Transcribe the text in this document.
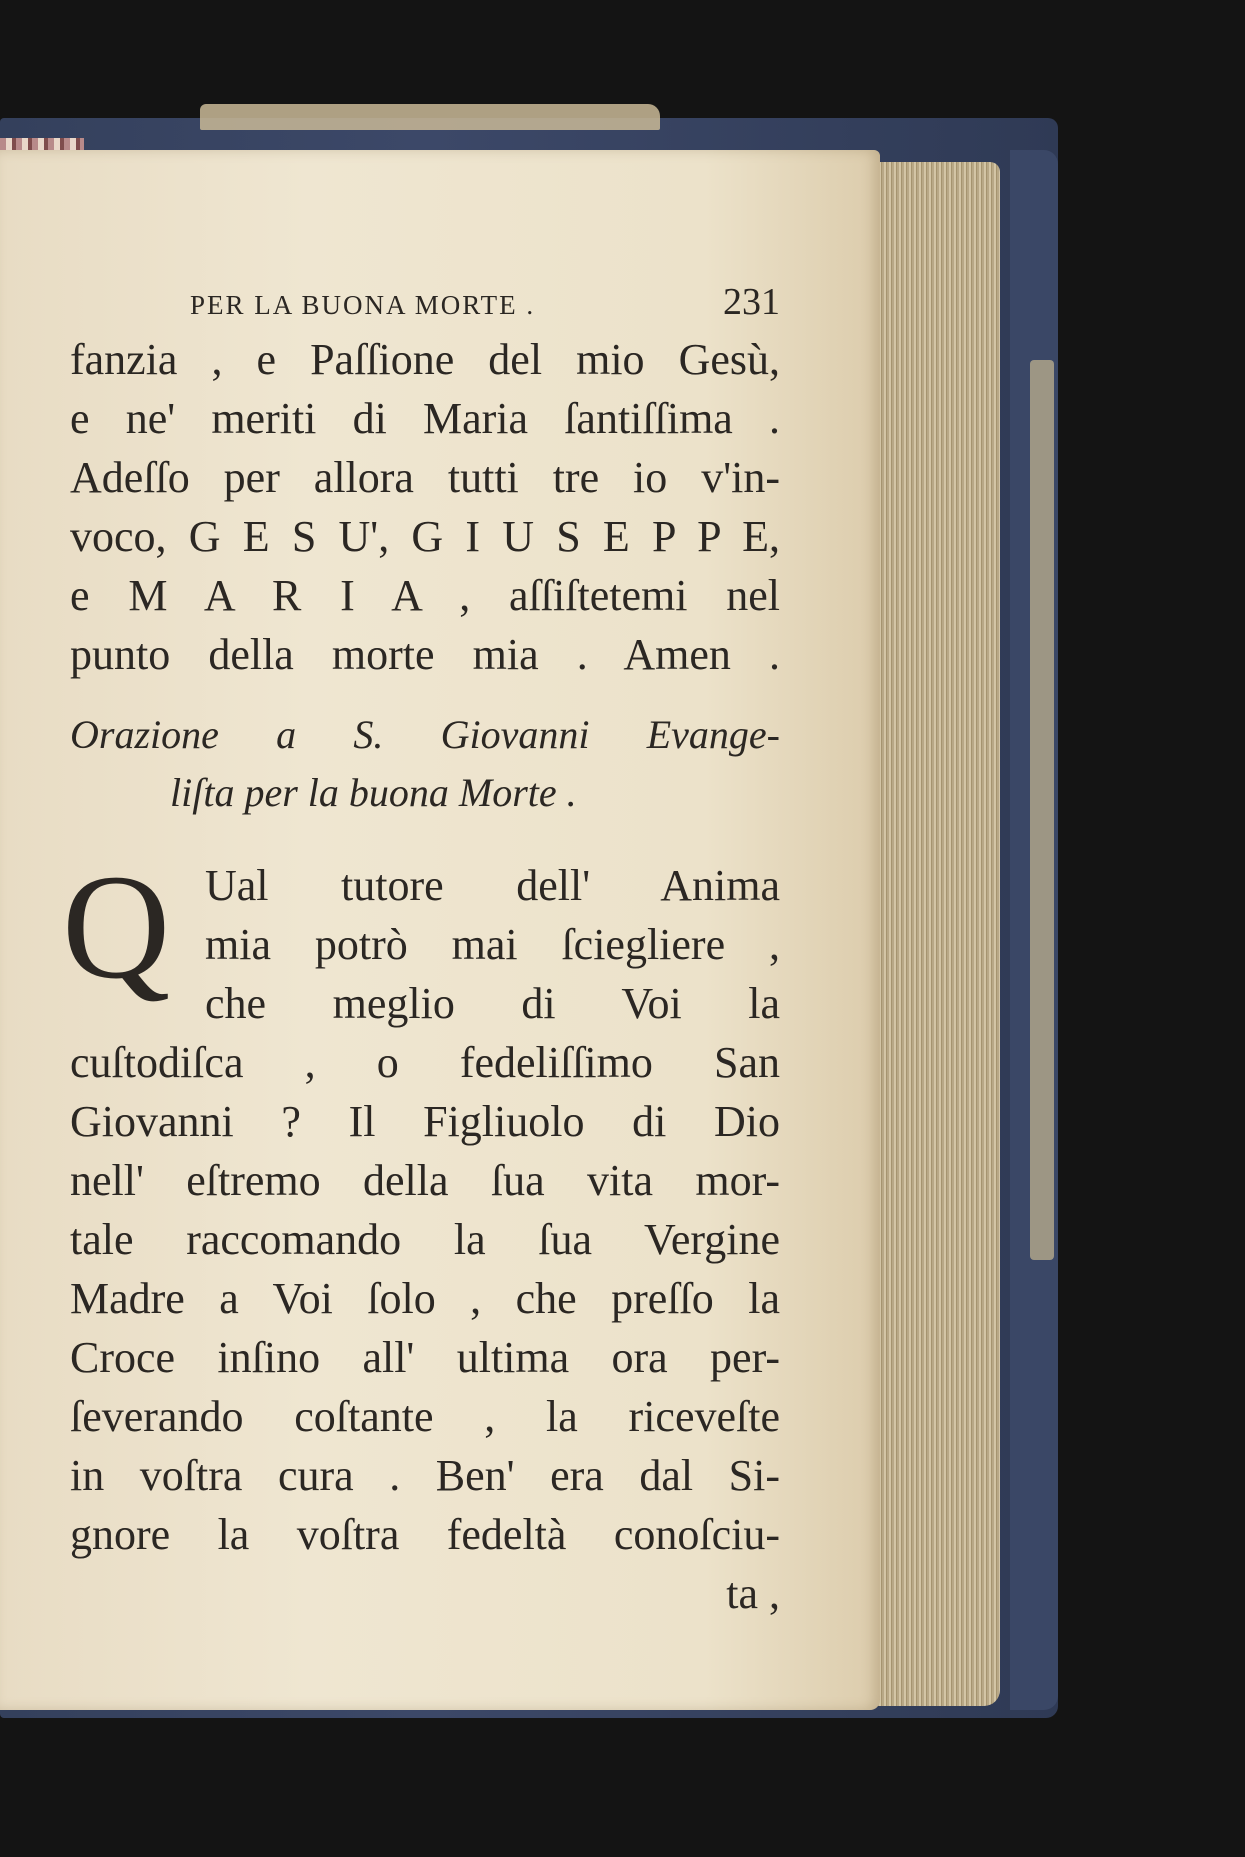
PER LA BUONA MORTE .	231
fanzia , e Paſſione del mio Gesù,
e ne' meriti di Maria ſantiſſima .
Adeſſo per allora tutti tre io v'in-
voco, G E S U', G I U S E P P E,
e M A R I A , aſſiſtetemi nel
punto della morte mia . Amen .
Orazione a S. Giovanni Evange-
liſta per la buona Morte .
Q Ual tutore dell' Anima
mia potrò mai ſciegliere ,
che meglio di Voi la
cuſtodiſca , o fedeliſſimo San
Giovanni ? Il Figliuolo di Dio
nell' eſtremo della ſua vita mor-
tale raccomando la ſua Vergine
Madre a Voi ſolo , che preſſo la
Croce inſino all' ultima ora per-
ſeverando coſtante , la riceveſte
in voſtra cura . Ben' era dal Si-
gnore la voſtra fedeltà conoſciu-
ta ,
